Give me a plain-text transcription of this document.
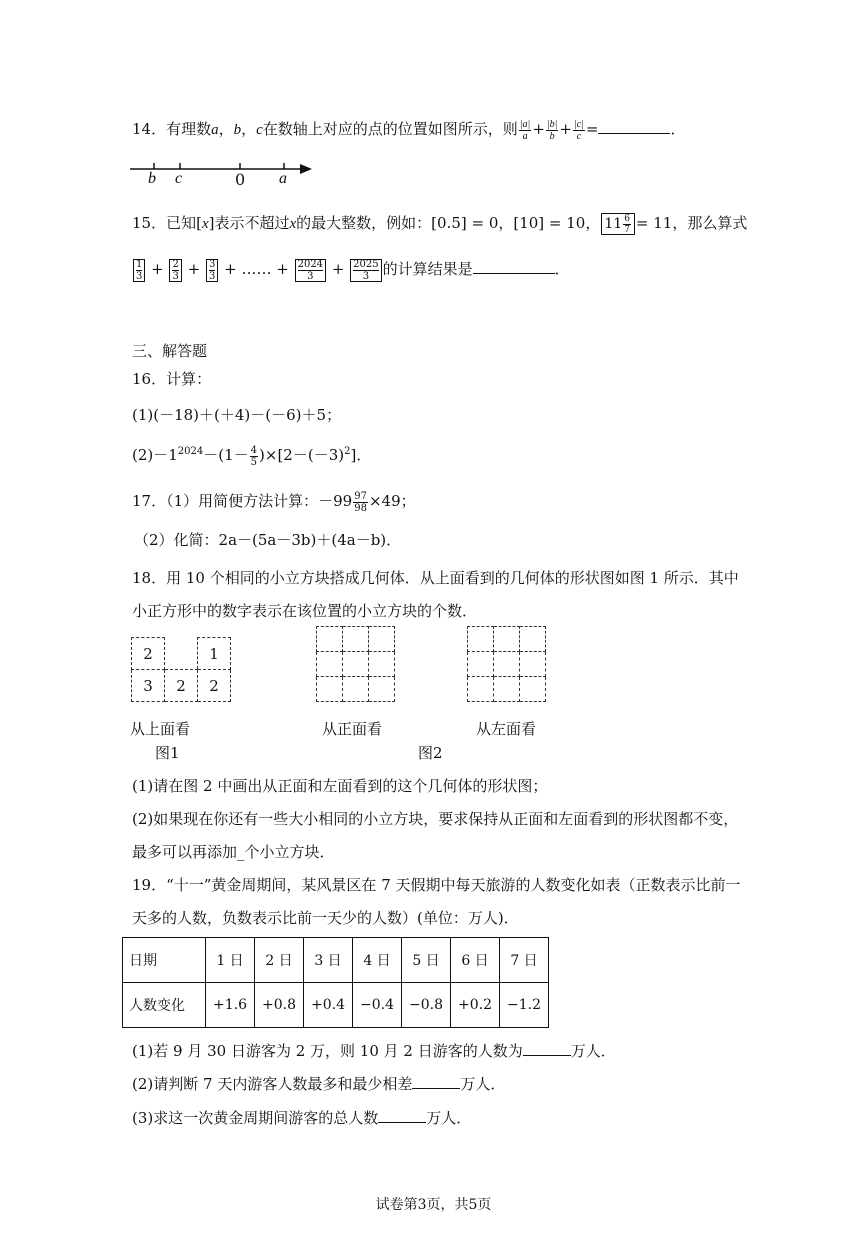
14．有理数a，b，c在数轴上对应的点的位置如图所示，则 $\frac{|a|}{a} + \frac{|b|}{b} + \frac{|c|}{c}$ =	．
b c	0 a
15．已知[x]表示不超过x的最大整数，例如：[0.5] = 0，[10] = 10， $11 \frac{6}{7} = 11$，那么算式
$\frac{1}{3} + \frac{2}{3} + \frac{3}{3}$ + …… + $\frac{2024}{3} + \frac{2025}{3}$的计算结果是	．
三、解答题
16．计算：
(1)(－18)＋(＋4)－(－6)＋5；
$(2)-1^{2024}-(1- \frac{4}{5} )\times[2-(-3)^2]$．
17．（1）用简便方法计算：$-99 \frac{97}{98} \times 49$；
（2）化简：2a－(5a－3b)＋(4a－b)．
18．用 10 个相同的小立方块搭成几何体．从上面看到的几何体的形状图如图 1 所示．其中
小正方形中的数字表示在该位置的小立方块的个数．
2		1
3	2	2

从上面看	从正面看	从左面看
图1	图2
(1)请在图 2 中画出从正面和左面看到的这个几何体的形状图；
(2)如果现在你还有一些大小相同的小立方块，要求保持从正面和左面看到的形状图都不变，
最多可以再添加_个小立方块．
19．“十一”黄金周期间，某风景区在 7 天假期中每天旅游的人数变化如表（正数表示比前一
天多的人数，负数表示比前一天少的人数）(单位：万人)．
日期	1 日	2 日	3 日	4 日	5 日	6 日	7 日
人数变化	+1.6	+0.8	+0.4	−0.4	−0.8	+0.2	−1.2
(1)若 9 月 30 日游客为 2 万，则 10 月 2 日游客的人数为	万人．
(2)请判断 7 天内游客人数最多和最少相差	万人．
(3)求这一次黄金周期间游客的总人数	万人．
试卷第3页，共5页
